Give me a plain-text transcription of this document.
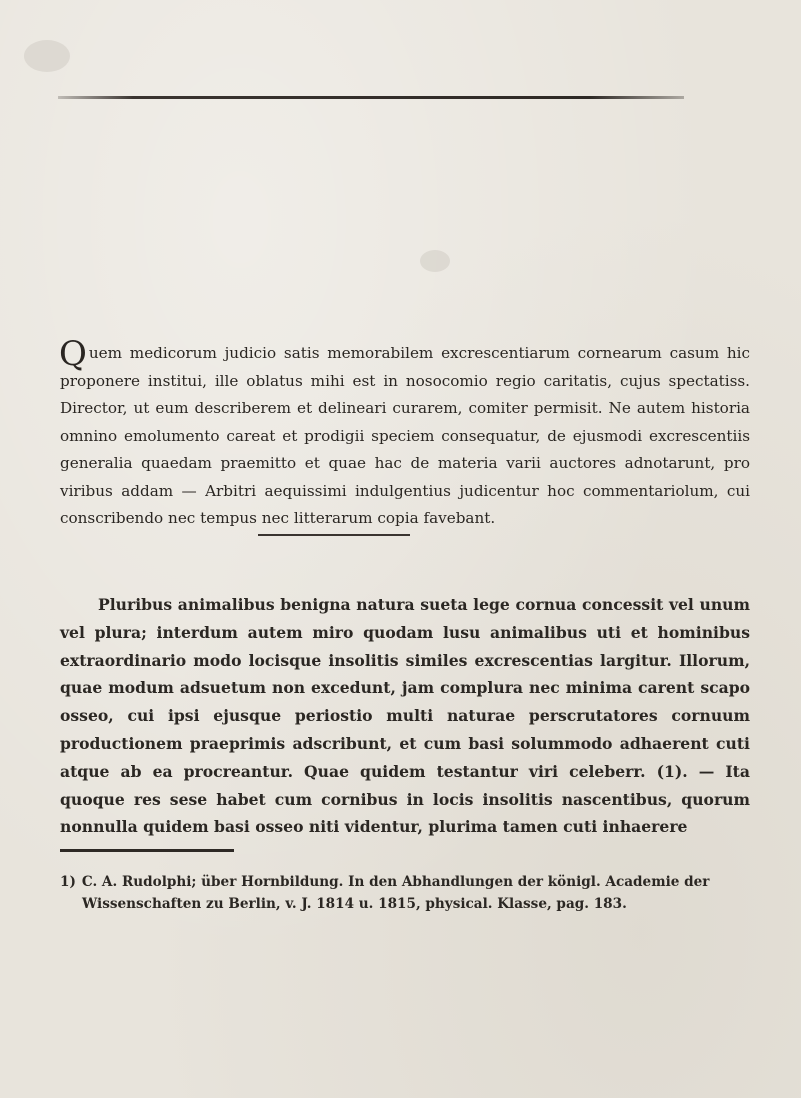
Quem medicorum judicio satis memorabilem excrescentiarum cornearum casum hic proponere institui, ille oblatus mihi est in nosocomio regio caritatis, cujus spectatiss. Director, ut eum describerem et delineari curarem, comiter permisit. Ne autem historia omnino emolumento careat et prodigii speciem consequatur, de ejusmodi excrescentiis generalia quaedam praemitto et quae hac de materia varii auctores adnotarunt, pro viribus addam — Arbitri aequissimi indulgentius judicentur hoc commentariolum, cui conscribendo nec tempus nec litterarum copia favebant.
Pluribus animalibus benigna natura sueta lege cornua concessit vel unum vel plura; interdum autem miro quodam lusu animalibus uti et hominibus extraordinario modo locisque insolitis similes excrescentias largitur. Illorum, quae modum adsuetum non excedunt, jam complura nec minima carent scapo osseo, cui ipsi ejusque periostio multi naturae perscrutatores cornuum productionem praeprimis adscribunt, et cum basi solummodo adhaerent cuti atque ab ea procreantur. Quae quidem testantur viri celeberr. (1). — Ita quoque res sese habet cum cornibus in locis insolitis nascentibus, quorum nonnulla quidem basi osseo niti videntur, plurima tamen cuti inhaerere
1) C. A. Rudolphi; über Hornbildung. In den Abhandlungen der königl. Academie der
Wissenschaften zu Berlin, v. J. 1814 u. 1815, physical. Klasse, pag. 183.
